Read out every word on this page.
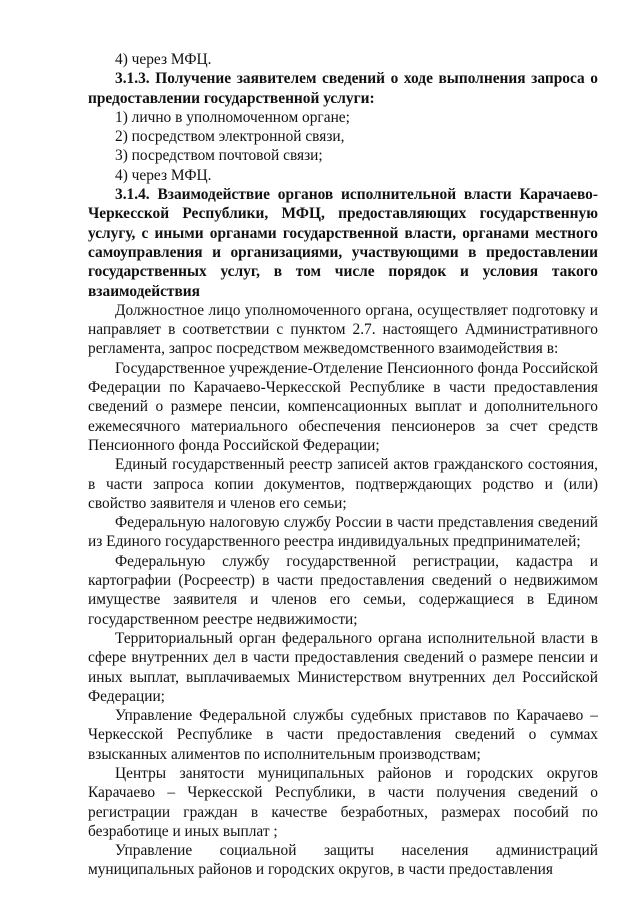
4) через МФЦ.

3.1.3. Получение заявителем сведений о ходе выполнения запроса о предоставлении государственной услуги:

1) лично в уполномоченном органе;

2) посредством электронной связи,

3) посредством почтовой связи;

4) через МФЦ.

3.1.4. Взаимодействие органов исполнительной власти Карачаево-Черкесской Республики, МФЦ, предоставляющих государственную услугу, с иными органами государственной власти, органами местного самоуправления и организациями, участвующими в предоставлении государственных услуг, в том числе порядок и условия такого взаимодействия

Должностное лицо уполномоченного органа, осуществляет подготовку и направляет в соответствии с пунктом 2.7. настоящего Административного регламента, запрос посредством межведомственного взаимодействия в:

Государственное учреждение-Отделение Пенсионного фонда Российской Федерации по Карачаево-Черкесской Республике в части предоставления сведений о размере пенсии, компенсационных выплат и дополнительного ежемесячного материального обеспечения пенсионеров за счет средств Пенсионного фонда Российской Федерации;

Единый государственный реестр записей актов гражданского состояния, в части запроса копии документов, подтверждающих родство и (или) свойство заявителя и членов его семьи;

Федеральную налоговую службу России в части представления сведений из Единого государственного реестра индивидуальных предпринимателей;

Федеральную службу государственной регистрации, кадастра и картографии (Росреестр) в части предоставления сведений о недвижимом имуществе заявителя и членов его семьи, содержащиеся в Едином государственном реестре недвижимости;

Территориальный орган федерального органа исполнительной власти в сфере внутренних дел в части предоставления сведений о размере пенсии и иных выплат, выплачиваемых Министерством внутренних дел Российской Федерации;

Управление Федеральной службы судебных приставов по Карачаево – Черкесской Республике в части предоставления сведений о суммах взысканных алиментов по исполнительным производствам;

Центры занятости муниципальных районов и городских округов Карачаево – Черкесской Республики, в части получения сведений о регистрации граждан в качестве безработных, размерах пособий по безработице и иных выплат ;

Управление социальной защиты населения администраций муниципальных районов и городских округов, в части предоставления
